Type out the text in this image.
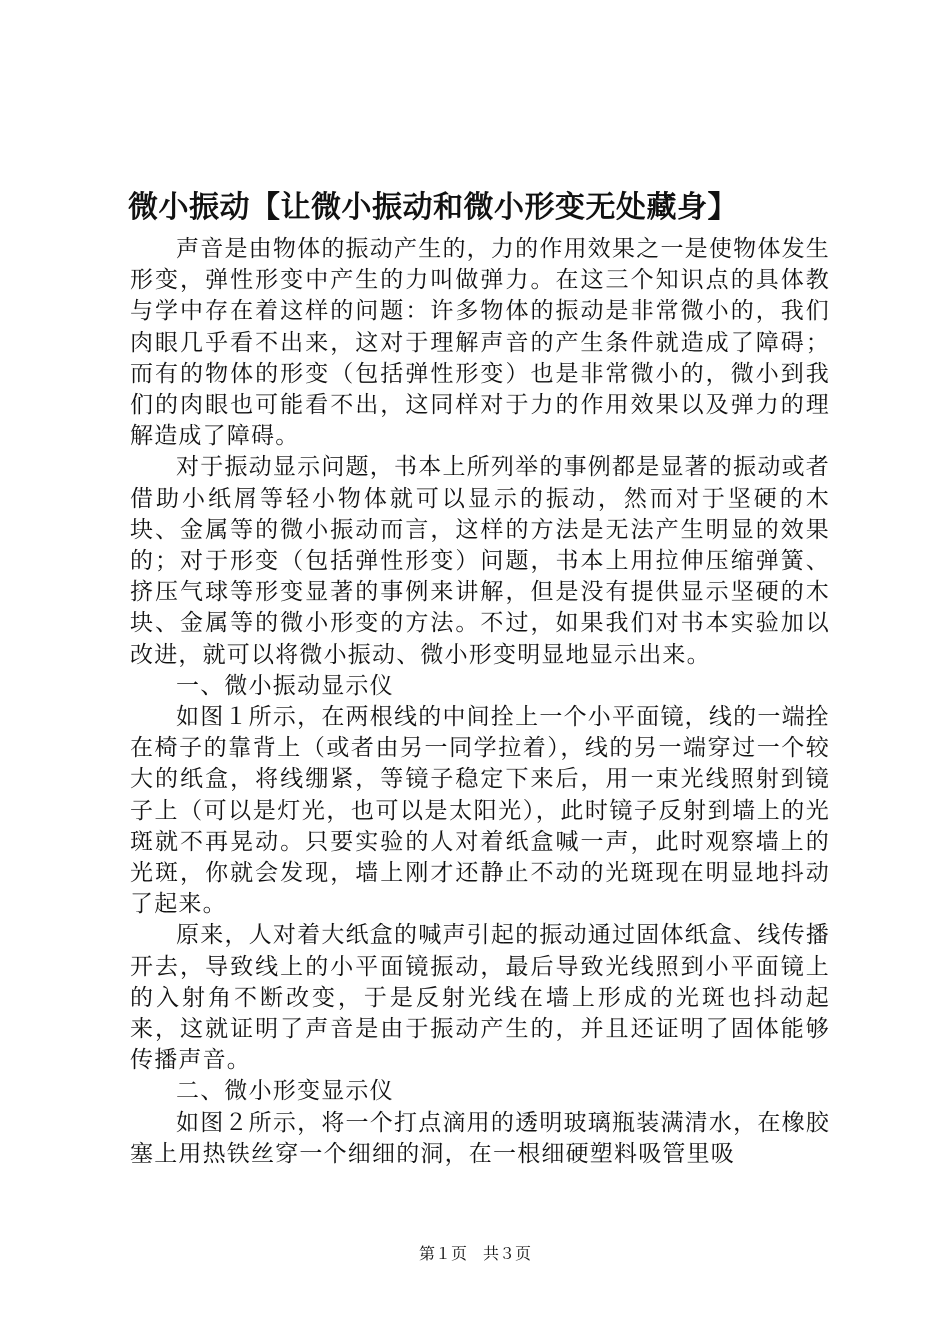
微小振动【让微小振动和微小形变无处藏身】

声音是由物体的振动产生的，力的作用效果之一是使物体发生形变，弹性形变中产生的力叫做弹力。在这三个知识点的具体教与学中存在着这样的问题：许多物体的振动是非常微小的，我们肉眼几乎看不出来，这对于理解声音的产生条件就造成了障碍；而有的物体的形变（包括弹性形变）也是非常微小的，微小到我们的肉眼也可能看不出，这同样对于力的作用效果以及弹力的理解造成了障碍。

对于振动显示问题，书本上所列举的事例都是显著的振动或者借助小纸屑等轻小物体就可以显示的振动，然而对于坚硬的木块、金属等的微小振动而言，这样的方法是无法产生明显的效果的；对于形变（包括弹性形变）问题，书本上用拉伸压缩弹簧、挤压气球等形变显著的事例来讲解，但是没有提供显示坚硬的木块、金属等的微小形变的方法。不过，如果我们对书本实验加以改进，就可以将微小振动、微小形变明显地显示出来。

一、微小振动显示仪

如图１所示，在两根线的中间拴上一个小平面镜，线的一端拴在椅子的靠背上（或者由另一同学拉着），线的另一端穿过一个较大的纸盒，将线绷紧，等镜子稳定下来后，用一束光线照射到镜子上（可以是灯光，也可以是太阳光），此时镜子反射到墙上的光斑就不再晃动。只要实验的人对着纸盒喊一声，此时观察墙上的光斑，你就会发现，墙上刚才还静止不动的光斑现在明显地抖动了起来。

原来，人对着大纸盒的喊声引起的振动通过固体纸盒、线传播开去，导致线上的小平面镜振动，最后导致光线照到小平面镜上的入射角不断改变，于是反射光线在墙上形成的光斑也抖动起来，这就证明了声音是由于振动产生的，并且还证明了固体能够传播声音。

二、微小形变显示仪

如图２所示，将一个打点滴用的透明玻璃瓶装满清水，在橡胶塞上用热铁丝穿一个细细的洞，在一根细硬塑料吸管里吸

第１页　共３页
